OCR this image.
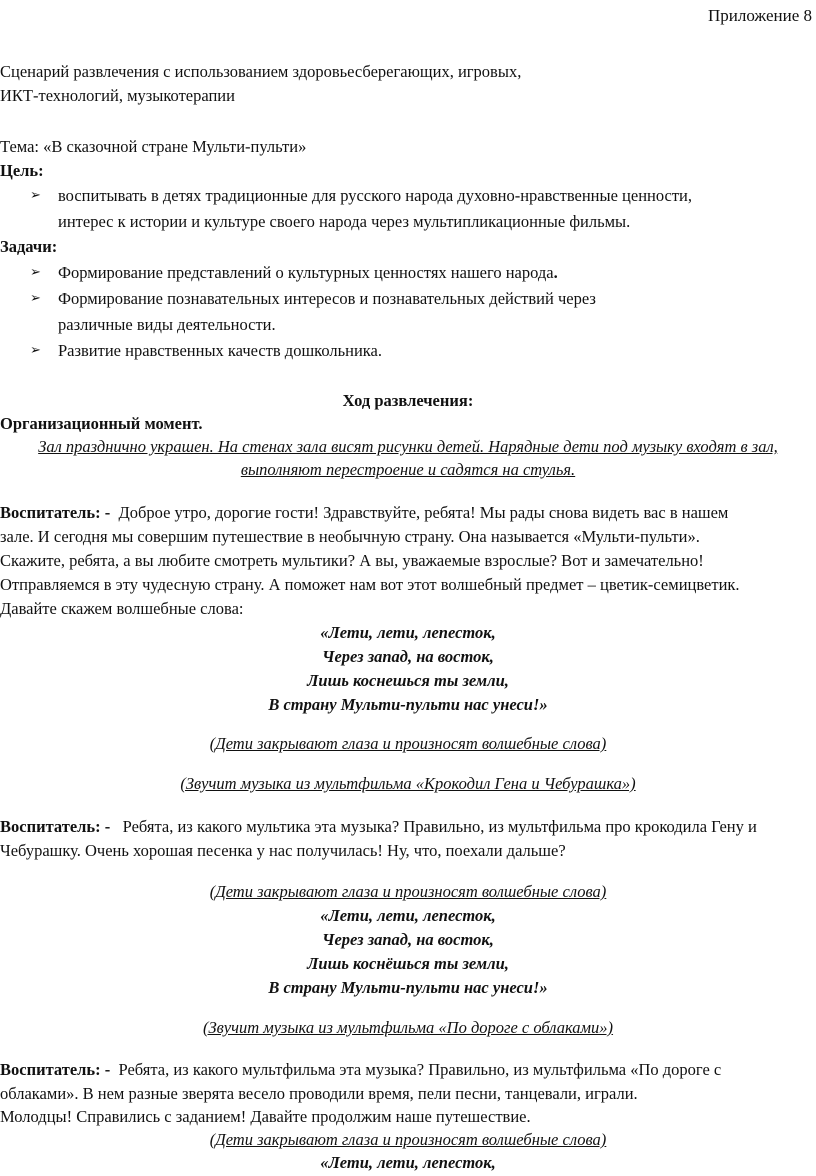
Приложение 8
Сценарий развлечения с использованием здоровьесберегающих, игровых,
ИКТ-технологий, музыкотерапии
Тема: «В сказочной стране Мульти-пульти»
Цель:
➢ воспитывать в детях традиционные для русского народа духовно-нравственные ценности,
интерес к истории и культуре своего народа через мультипликационные фильмы.
Задачи:
➢ Формирование представлений о культурных ценностях нашего народа.
➢ Формирование познавательных интересов и познавательных действий через
различные виды деятельности.
➢ Развитие нравственных качеств дошкольника.
Ход развлечения:
Организационный момент.
Зал празднично украшен. На стенах зала висят рисунки детей. Нарядные дети под музыку входят в зал,
выполняют перестроение и садятся на стулья.
Воспитатель: - Доброе утро, дорогие гости! Здравствуйте, ребята! Мы рады снова видеть вас в нашем
зале. И сегодня мы совершим путешествие в необычную страну. Она называется «Мульти-пульти».
Скажите, ребята, а вы любите смотреть мультики? А вы, уважаемые взрослые? Вот и замечательно!
Отправляемся в эту чудесную страну. А поможет нам вот этот волшебный предмет – цветик-семицветик.
Давайте скажем волшебные слова:
«Лети, лети, лепесток,
Через запад, на восток,
Лишь коснешься ты земли,
В страну Мульти-пульти нас унеси!»
(Дети закрывают глаза и произносят волшебные слова)
(Звучит музыка из мультфильма «Крокодил Гена и Чебурашка»)
Воспитатель: - Ребята, из какого мультика эта музыка? Правильно, из мультфильма про крокодила Гену и
Чебурашку. Очень хорошая песенка у нас получилась! Ну, что, поехали дальше?
(Дети закрывают глаза и произносят волшебные слова)
«Лети, лети, лепесток,
Через запад, на восток,
Лишь коснёшься ты земли,
В страну Мульти-пульти нас унеси!»
(Звучит музыка из мультфильма «По дороге с облаками»)
Воспитатель: - Ребята, из какого мультфильма эта музыка? Правильно, из мультфильма «По дороге с
облаками». В нем разные зверята весело проводили время, пели песни, танцевали, играли.
Молодцы! Справились с заданием! Давайте продолжим наше путешествие.
(Дети закрывают глаза и произносят волшебные слова)
«Лети, лети, лепесток,
